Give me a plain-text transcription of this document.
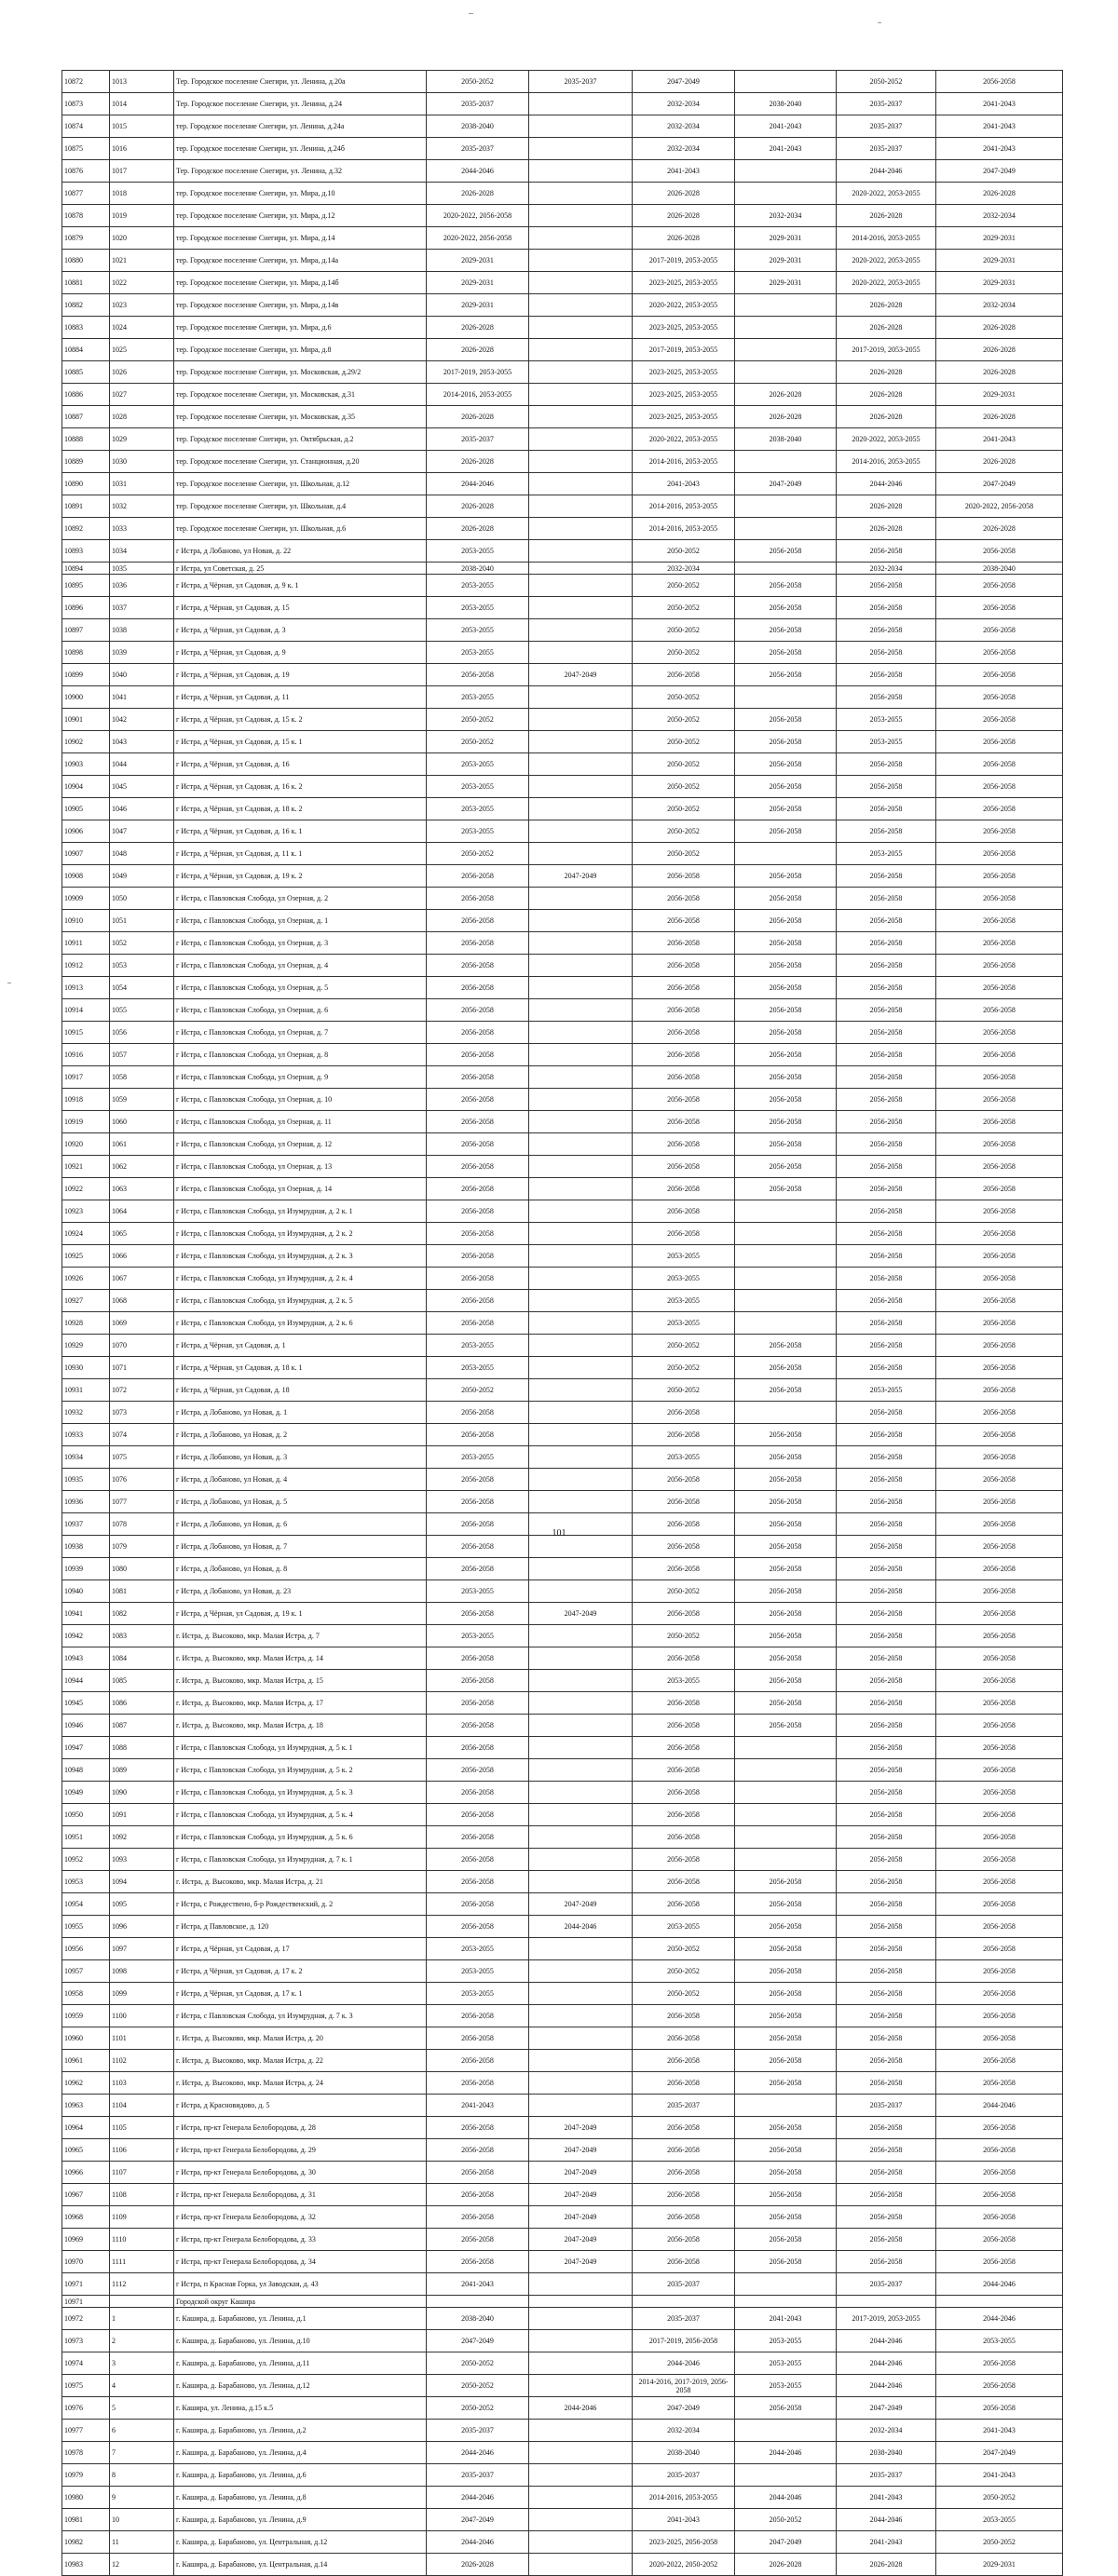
10872	1013	Тер. Городское поселение Снегири, ул. Ленина, д.20а	2050-2052	2035-2037	2047-2049		2050-2052	2056-2058
10873	1014	Тер. Городское поселение Снегири, ул. Ленина, д.24	2035-2037		2032-2034	2038-2040	2035-2037	2041-2043
10874	1015	тер. Городское поселение Снегири, ул. Ленина, д.24а	2038-2040		2032-2034	2041-2043	2035-2037	2041-2043
10875	1016	тер. Городское поселение Снегири, ул. Ленина, д.24б	2035-2037		2032-2034	2041-2043	2035-2037	2041-2043
10876	1017	Тер. Городское поселение Снегири, ул. Ленина, д.32	2044-2046		2041-2043		2044-2046	2047-2049
10877	1018	тер. Городское поселение Снегири, ул. Мира, д.10	2026-2028		2026-2028		2020-2022, 2053-2055	2026-2028
10878	1019	тер. Городское поселение Снегири, ул. Мира, д.12	2020-2022, 2056-2058		2026-2028	2032-2034	2026-2028	2032-2034
10879	1020	тер. Городское поселение Снегири, ул. Мира, д.14	2020-2022, 2056-2058		2026-2028	2029-2031	2014-2016, 2053-2055	2029-2031
10880	1021	тер. Городское поселение Снегири, ул. Мира, д.14а	2029-2031		2017-2019, 2053-2055	2029-2031	2020-2022, 2053-2055	2029-2031
10881	1022	тер. Городское поселение Снегири, ул. Мира, д.14б	2029-2031		2023-2025, 2053-2055	2029-2031	2020-2022, 2053-2055	2029-2031
10882	1023	тер. Городское поселение Снегири, ул. Мира, д.14в	2029-2031		2020-2022, 2053-2055		2026-2028	2032-2034
10883	1024	тер. Городское поселение Снегири, ул. Мира, д.6	2026-2028		2023-2025, 2053-2055		2026-2028	2026-2028
10884	1025	тер. Городское поселение Снегири, ул. Мира, д.8	2026-2028		2017-2019, 2053-2055		2017-2019, 2053-2055	2026-2028
10885	1026	тер. Городское поселение Снегири, ул. Московская, д.29/2	2017-2019, 2053-2055		2023-2025, 2053-2055		2026-2028	2026-2028
10886	1027	тер. Городское поселение Снегири, ул. Московская, д.31	2014-2016, 2053-2055		2023-2025, 2053-2055	2026-2028	2026-2028	2029-2031
10887	1028	тер. Городское поселение Снегири, ул. Московская, д.35	2026-2028		2023-2025, 2053-2055	2026-2028	2026-2028	2026-2028
10888	1029	тер. Городское поселение Снегири, ул. Октябрьская, д.2	2035-2037		2020-2022, 2053-2055	2038-2040	2020-2022, 2053-2055	2041-2043
10889	1030	тер. Городское поселение Снегири, ул. Станционная, д.20	2026-2028		2014-2016, 2053-2055		2014-2016, 2053-2055	2026-2028
10890	1031	тер. Городское поселение Снегири, ул. Школьная, д.12	2044-2046		2041-2043	2047-2049	2044-2046	2047-2049
10891	1032	тер. Городское поселение Снегири, ул. Школьная, д.4	2026-2028		2014-2016, 2053-2055		2026-2028	2020-2022, 2056-2058
10892	1033	тер. Городское поселение Снегири, ул. Школьная, д.6	2026-2028		2014-2016, 2053-2055		2026-2028	2026-2028
10893	1034	г Истра, д Лобаново, ул Новая, д. 22	2053-2055		2050-2052	2056-2058	2056-2058	2056-2058
10894	1035	г Истра, ул Советская, д. 25	2038-2040		2032-2034		2032-2034	2038-2040
10895	1036	г Истра, д Чёрная, ул Садовая, д. 9 к. 1	2053-2055		2050-2052	2056-2058	2056-2058	2056-2058
10896	1037	г Истра, д Чёрная, ул Садовая, д. 15	2053-2055		2050-2052	2056-2058	2056-2058	2056-2058
10897	1038	г Истра, д Чёрная, ул Садовая, д. 3	2053-2055		2050-2052	2056-2058	2056-2058	2056-2058
10898	1039	г Истра, д Чёрная, ул Садовая, д. 9	2053-2055		2050-2052	2056-2058	2056-2058	2056-2058
10899	1040	г Истра, д Чёрная, ул Садовая, д. 19	2056-2058	2047-2049	2056-2058	2056-2058	2056-2058	2056-2058
10900	1041	г Истра, д Чёрная, ул Садовая, д. 11	2053-2055		2050-2052		2056-2058	2056-2058
10901	1042	г Истра, д Чёрная, ул Садовая, д. 15 к. 2	2050-2052		2050-2052	2056-2058	2053-2055	2056-2058
10902	1043	г Истра, д Чёрная, ул Садовая, д. 15 к. 1	2050-2052		2050-2052	2056-2058	2053-2055	2056-2058
10903	1044	г Истра, д Чёрная, ул Садовая, д. 16	2053-2055		2050-2052	2056-2058	2056-2058	2056-2058
10904	1045	г Истра, д Чёрная, ул Садовая, д. 16 к. 2	2053-2055		2050-2052	2056-2058	2056-2058	2056-2058
10905	1046	г Истра, д Чёрная, ул Садовая, д. 18 к. 2	2053-2055		2050-2052	2056-2058	2056-2058	2056-2058
10906	1047	г Истра, д Чёрная, ул Садовая, д. 16 к. 1	2053-2055		2050-2052	2056-2058	2056-2058	2056-2058
10907	1048	г Истра, д Чёрная, ул Садовая, д. 11 к. 1	2050-2052		2050-2052		2053-2055	2056-2058
10908	1049	г Истра, д Чёрная, ул Садовая, д. 19 к. 2	2056-2058	2047-2049	2056-2058	2056-2058	2056-2058	2056-2058
10909	1050	г Истра, с Павловская Слобода, ул Озерная, д. 2	2056-2058		2056-2058	2056-2058	2056-2058	2056-2058
10910	1051	г Истра, с Павловская Слобода, ул Озерная, д. 1	2056-2058		2056-2058	2056-2058	2056-2058	2056-2058
10911	1052	г Истра, с Павловская Слобода, ул Озерная, д. 3	2056-2058		2056-2058	2056-2058	2056-2058	2056-2058
10912	1053	г Истра, с Павловская Слобода, ул Озерная, д. 4	2056-2058		2056-2058	2056-2058	2056-2058	2056-2058
10913	1054	г Истра, с Павловская Слобода, ул Озерная, д. 5	2056-2058		2056-2058	2056-2058	2056-2058	2056-2058
10914	1055	г Истра, с Павловская Слобода, ул Озерная, д. 6	2056-2058		2056-2058	2056-2058	2056-2058	2056-2058
10915	1056	г Истра, с Павловская Слобода, ул Озерная, д. 7	2056-2058		2056-2058	2056-2058	2056-2058	2056-2058
10916	1057	г Истра, с Павловская Слобода, ул Озерная, д. 8	2056-2058		2056-2058	2056-2058	2056-2058	2056-2058
10917	1058	г Истра, с Павловская Слобода, ул Озерная, д. 9	2056-2058		2056-2058	2056-2058	2056-2058	2056-2058
10918	1059	г Истра, с Павловская Слобода, ул Озерная, д. 10	2056-2058		2056-2058	2056-2058	2056-2058	2056-2058
10919	1060	г Истра, с Павловская Слобода, ул Озерная, д. 11	2056-2058		2056-2058	2056-2058	2056-2058	2056-2058
10920	1061	г Истра, с Павловская Слобода, ул Озерная, д. 12	2056-2058		2056-2058	2056-2058	2056-2058	2056-2058
10921	1062	г Истра, с Павловская Слобода, ул Озерная, д. 13	2056-2058		2056-2058	2056-2058	2056-2058	2056-2058
10922	1063	г Истра, с Павловская Слобода, ул Озерная, д. 14	2056-2058		2056-2058	2056-2058	2056-2058	2056-2058
10923	1064	г Истра, с Павловская Слобода, ул Изумрудная, д. 2 к. 1	2056-2058		2056-2058		2056-2058	2056-2058
10924	1065	г Истра, с Павловская Слобода, ул Изумрудная, д. 2 к. 2	2056-2058		2056-2058		2056-2058	2056-2058
10925	1066	г Истра, с Павловская Слобода, ул Изумрудная, д. 2 к. 3	2056-2058		2053-2055		2056-2058	2056-2058
10926	1067	г Истра, с Павловская Слобода, ул Изумрудная, д. 2 к. 4	2056-2058		2053-2055		2056-2058	2056-2058
10927	1068	г Истра, с Павловская Слобода, ул Изумрудная, д. 2 к. 5	2056-2058		2053-2055		2056-2058	2056-2058
10928	1069	г Истра, с Павловская Слобода, ул Изумрудная, д. 2 к. 6	2056-2058		2053-2055		2056-2058	2056-2058
10929	1070	г Истра, д Чёрная, ул Садовая, д. 1	2053-2055		2050-2052	2056-2058	2056-2058	2056-2058
10930	1071	г Истра, д Чёрная, ул Садовая, д. 18 к. 1	2053-2055		2050-2052	2056-2058	2056-2058	2056-2058
10931	1072	г Истра, д Чёрная, ул Садовая, д. 18	2050-2052		2050-2052	2056-2058	2053-2055	2056-2058
10932	1073	г Истра, д Лобаново, ул Новая, д. 1	2056-2058		2056-2058		2056-2058	2056-2058
10933	1074	г Истра, д Лобаново, ул Новая, д. 2	2056-2058		2056-2058	2056-2058	2056-2058	2056-2058
10934	1075	г Истра, д Лобаново, ул Новая, д. 3	2053-2055		2053-2055	2056-2058	2056-2058	2056-2058
10935	1076	г Истра, д Лобаново, ул Новая, д. 4	2056-2058		2056-2058	2056-2058	2056-2058	2056-2058
10936	1077	г Истра, д Лобаново, ул Новая, д. 5	2056-2058		2056-2058	2056-2058	2056-2058	2056-2058
10937	1078	г Истра, д Лобаново, ул Новая, д. 6	2056-2058		2056-2058	2056-2058	2056-2058	2056-2058
10938	1079	г Истра, д Лобаново, ул Новая, д. 7	2056-2058		2056-2058	2056-2058	2056-2058	2056-2058
10939	1080	г Истра, д Лобаново, ул Новая, д. 8	2056-2058		2056-2058	2056-2058	2056-2058	2056-2058
10940	1081	г Истра, д Лобаново, ул Новая, д. 23	2053-2055		2050-2052	2056-2058	2056-2058	2056-2058
10941	1082	г Истра, д Чёрная, ул Садовая, д. 19 к. 1	2056-2058	2047-2049	2056-2058	2056-2058	2056-2058	2056-2058
10942	1083	г. Истра, д. Высоково, мкр. Малая Истра, д. 7	2053-2055		2050-2052	2056-2058	2056-2058	2056-2058
10943	1084	г. Истра, д. Высоково, мкр. Малая Истра, д. 14	2056-2058		2056-2058	2056-2058	2056-2058	2056-2058
10944	1085	г. Истра, д. Высоково, мкр. Малая Истра, д. 15	2056-2058		2053-2055	2056-2058	2056-2058	2056-2058
10945	1086	г. Истра, д. Высоково, мкр. Малая Истра, д. 17	2056-2058		2056-2058	2056-2058	2056-2058	2056-2058
10946	1087	г. Истра, д. Высоково, мкр. Малая Истра, д. 18	2056-2058		2056-2058	2056-2058	2056-2058	2056-2058
10947	1088	г Истра, с Павловская Слобода, ул Изумрудная, д. 5 к. 1	2056-2058		2056-2058		2056-2058	2056-2058
10948	1089	г Истра, с Павловская Слобода, ул Изумрудная, д. 5 к. 2	2056-2058		2056-2058		2056-2058	2056-2058
10949	1090	г Истра, с Павловская Слобода, ул Изумрудная, д. 5 к. 3	2056-2058		2056-2058		2056-2058	2056-2058
10950	1091	г Истра, с Павловская Слобода, ул Изумрудная, д. 5 к. 4	2056-2058		2056-2058		2056-2058	2056-2058
10951	1092	г Истра, с Павловская Слобода, ул Изумрудная, д. 5 к. 6	2056-2058		2056-2058		2056-2058	2056-2058
10952	1093	г Истра, с Павловская Слобода, ул Изумрудная, д. 7 к. 1	2056-2058		2056-2058		2056-2058	2056-2058
10953	1094	г. Истра, д. Высоково, мкр. Малая Истра, д. 21	2056-2058		2056-2058	2056-2058	2056-2058	2056-2058
10954	1095	г Истра, с Рождествено, б-р Рождественский, д. 2	2056-2058	2047-2049	2056-2058	2056-2058	2056-2058	2056-2058
10955	1096	г Истра, д Павловское, д. 120	2056-2058	2044-2046	2053-2055	2056-2058	2056-2058	2056-2058
10956	1097	г Истра, д Чёрная, ул Садовая, д. 17	2053-2055		2050-2052	2056-2058	2056-2058	2056-2058
10957	1098	г Истра, д Чёрная, ул Садовая, д. 17 к. 2	2053-2055		2050-2052	2056-2058	2056-2058	2056-2058
10958	1099	г Истра, д Чёрная, ул Садовая, д. 17 к. 1	2053-2055		2050-2052	2056-2058	2056-2058	2056-2058
10959	1100	г Истра, с Павловская Слобода, ул Изумрудная, д. 7 к. 3	2056-2058		2056-2058	2056-2058	2056-2058	2056-2058
10960	1101	г. Истра, д. Высоково, мкр. Малая Истра, д. 20	2056-2058		2056-2058	2056-2058	2056-2058	2056-2058
10961	1102	г. Истра, д. Высоково, мкр. Малая Истра, д. 22	2056-2058		2056-2058	2056-2058	2056-2058	2056-2058
10962	1103	г. Истра, д. Высоково, мкр. Малая Истра, д. 24	2056-2058		2056-2058	2056-2058	2056-2058	2056-2058
10963	1104	г Истра, д Красновидово, д. 5	2041-2043		2035-2037		2035-2037	2044-2046
10964	1105	г Истра, пр-кт Генерала Белобородова, д. 28	2056-2058	2047-2049	2056-2058	2056-2058	2056-2058	2056-2058
10965	1106	г Истра, пр-кт Генерала Белобородова, д. 29	2056-2058	2047-2049	2056-2058	2056-2058	2056-2058	2056-2058
10966	1107	г Истра, пр-кт Генерала Белобородова, д. 30	2056-2058	2047-2049	2056-2058	2056-2058	2056-2058	2056-2058
10967	1108	г Истра, пр-кт Генерала Белобородова, д. 31	2056-2058	2047-2049	2056-2058	2056-2058	2056-2058	2056-2058
10968	1109	г Истра, пр-кт Генерала Белобородова, д. 32	2056-2058	2047-2049	2056-2058	2056-2058	2056-2058	2056-2058
10969	1110	г Истра, пр-кт Генерала Белобородова, д. 33	2056-2058	2047-2049	2056-2058	2056-2058	2056-2058	2056-2058
10970	1111	г Истра, пр-кт Генерала Белобородова, д. 34	2056-2058	2047-2049	2056-2058	2056-2058	2056-2058	2056-2058
10971	1112	г Истра, п Красная Горка, ул Заводская, д. 43	2041-2043		2035-2037		2035-2037	2044-2046
10971		Городской округ Кашира						
10972	1	г. Кашира, д. Барабаново, ул. Ленина, д.1	2038-2040		2035-2037	2041-2043	2017-2019, 2053-2055	2044-2046
10973	2	г. Кашира, д. Барабаново, ул. Ленина, д.10	2047-2049		2017-2019, 2056-2058	2053-2055	2044-2046	2053-2055
10974	3	г. Кашира, д. Барабаново, ул. Ленина, д.11	2050-2052		2044-2046	2053-2055	2044-2046	2056-2058
10975	4	г. Кашира, д. Барабаново, ул. Ленина, д.12	2050-2052		2014-2016, 2017-2019, 2056-2058	2053-2055	2044-2046	2056-2058
10976	5	г. Кашира, ул. Ленина, д.15 к.5	2050-2052	2044-2046	2047-2049	2056-2058	2047-2049	2056-2058
10977	6	г. Кашира, д. Барабаново, ул. Ленина, д.2	2035-2037		2032-2034		2032-2034	2041-2043
10978	7	г. Кашира, д. Барабаново, ул. Ленина, д.4	2044-2046		2038-2040	2044-2046	2038-2040	2047-2049
10979	8	г. Кашира, д. Барабаново, ул. Ленина, д.6	2035-2037		2035-2037		2035-2037	2041-2043
10980	9	г. Кашира, д. Барабаново, ул. Ленина, д.8	2044-2046		2014-2016, 2053-2055	2044-2046	2041-2043	2050-2052
10981	10	г. Кашира, д. Барабаново, ул. Ленина, д.9	2047-2049		2041-2043	2050-2052	2044-2046	2053-2055
10982	11	г. Кашира, д. Барабаново, ул. Центральная, д.12	2044-2046		2023-2025, 2056-2058	2047-2049	2041-2043	2050-2052
10983	12	г. Кашира, д. Барабаново, ул. Центральная, д.14	2026-2028		2020-2022, 2050-2052	2026-2028	2026-2028	2029-2031
101
